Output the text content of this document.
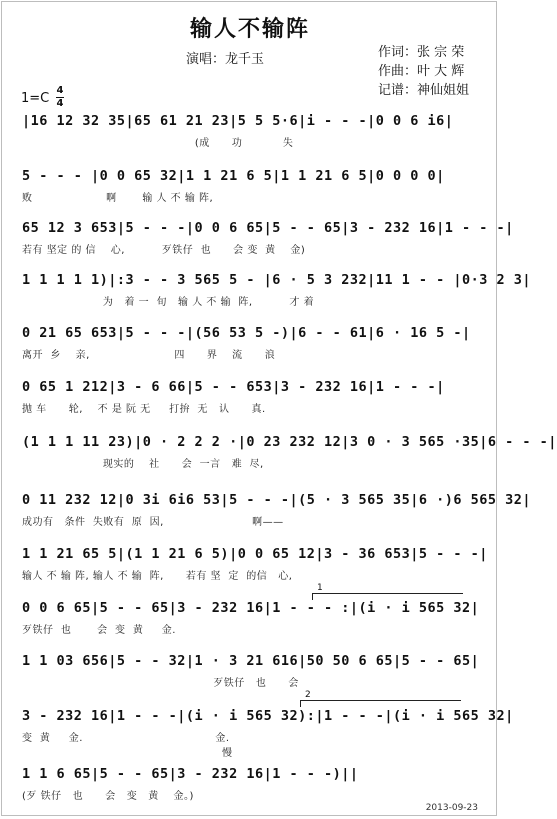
输人不输阵
演唱：龙千玉	作词：张 宗 荣
作曲：叶 大 辉
记谱：神仙姐姐
1=C
4
4
|16 12 32 35|65 61 21 23|5 5 5·6|i - - -|0 0 6 i6|
(成      功           失
5 - - - |0 0 65 32|1 1 21 6 5|1 1 21 6 5|0 0 0 0|
败                    啊       输 人 不 输 阵,
65 12 3 653|5 - - -|0 0 6 65|5 - - 65|3 - 232 16|1 - - -|
若有 坚定 的 信    心,          歹铁仔  也      会 变  黄    金)
1 1 1 1 1)|:3 - - 3 565 5 - |6 · 5 3 232|11 1 - - |0·3 2 3|
为   着 一  旬   输 人 不 输  阵,          才 着
0 21 65 653|5 - - -|(56 53 5 -)|6 - - 61|6 · 16 5 -|
离开  乡    亲,                       四      界    流      浪
0 65 1 212|3 - 6 66|5 - - 653|3 - 232 16|1 - - -|
抛 车      轮,    不 是 阮 无     打拚  无   认      真.
(1 1 1 11 23)|0 · 2 2 2 ·|0 23 232 12|3 0 · 3 565 ·35|6 - - -|
现实的    社      会  一言   难  尽,
0 11 232 12|0 3i 6i6 53|5 - - -|(5 · 3 565 35|6 ·)6 565 32|
成功有   条件  失败有  原  因,                        啊——
1 1 21 65 5|(1 1 21 6 5)|0 0 65 12|3 - 36 653|5 - - -|
输人 不 输 阵, 输人 不 输  阵,      若有 坚  定  的信   心,
0 0 6 65|5 - - 65|3 - 232 16|1 - - - :|(i · i 565 32|
歹铁仔  也       会  变  黄     金.
1 1 03 656|5 - - 32|1 · 3 21 616|50 50 6 65|5 - - 65|
歹铁仔   也      会
3 - 232 16|1 - - -|(i · i 565 32):|1 - - -|(i · i 565 32|
变  黄     金.                                    金.
1 1 6 65|5 - - 65|3 - 232 16|1 - - -)||
(歹 铁仔   也      会   变   黄    金。)
慢
1
2
2013-09-23
